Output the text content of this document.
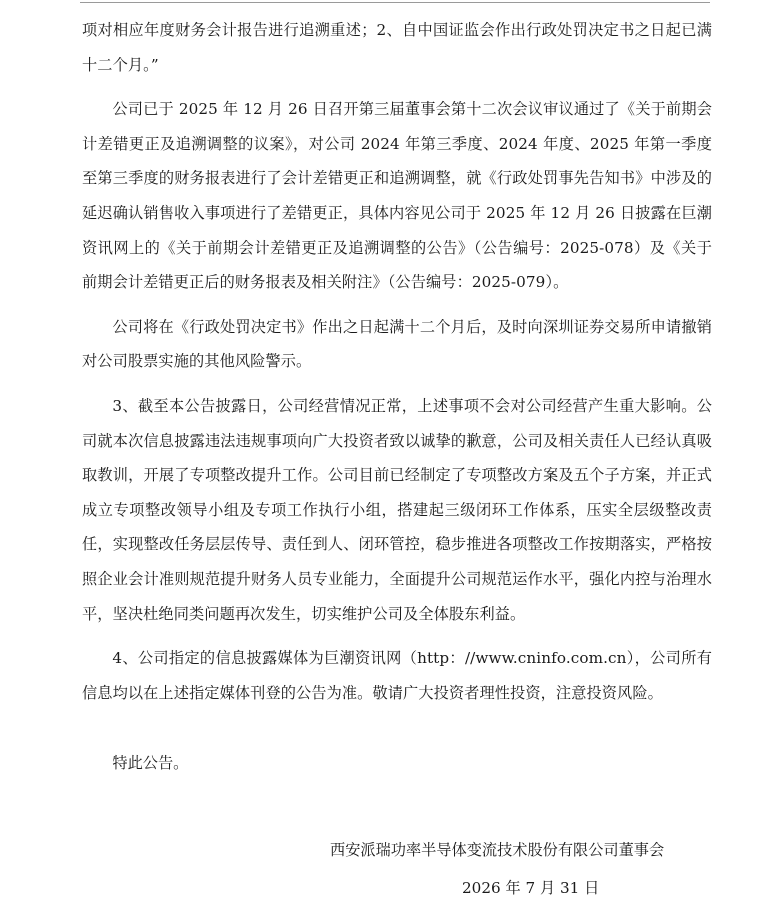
项对相应年度财务会计报告进行追溯重述；2、自中国证监会作出行政处罚决定书之日起已满十二个月。”

公司已于 2025 年 12 月 26 日召开第三届董事会第十二次会议审议通过了《关于前期会计差错更正及追溯调整的议案》，对公司 2024 年第三季度、2024 年度、2025 年第一季度至第三季度的财务报表进行了会计差错更正和追溯调整，就《行政处罚事先告知书》中涉及的延迟确认销售收入事项进行了差错更正，具体内容见公司于 2025 年 12 月 26 日披露在巨潮资讯网上的《关于前期会计差错更正及追溯调整的公告》（公告编号：2025-078）及《关于前期会计差错更正后的财务报表及相关附注》（公告编号：2025-079）。

公司将在《行政处罚决定书》作出之日起满十二个月后，及时向深圳证券交易所申请撤销对公司股票实施的其他风险警示。

3、截至本公告披露日，公司经营情况正常，上述事项不会对公司经营产生重大影响。公司就本次信息披露违法违规事项向广大投资者致以诚挚的歉意，公司及相关责任人已经认真吸取教训，开展了专项整改提升工作。公司目前已经制定了专项整改方案及五个子方案，并正式成立专项整改领导小组及专项工作执行小组，搭建起三级闭环工作体系，压实全层级整改责任，实现整改任务层层传导、责任到人、闭环管控，稳步推进各项整改工作按期落实，严格按照企业会计准则规范提升财务人员专业能力，全面提升公司规范运作水平，强化内控与治理水平，坚决杜绝同类问题再次发生，切实维护公司及全体股东利益。

4、公司指定的信息披露媒体为巨潮资讯网（http：//www.cninfo.com.cn），公司所有信息均以在上述指定媒体刊登的公告为准。敬请广大投资者理性投资，注意投资风险。

特此公告。

西安派瑞功率半导体变流技术股份有限公司董事会
2026 年 7 月 31 日
